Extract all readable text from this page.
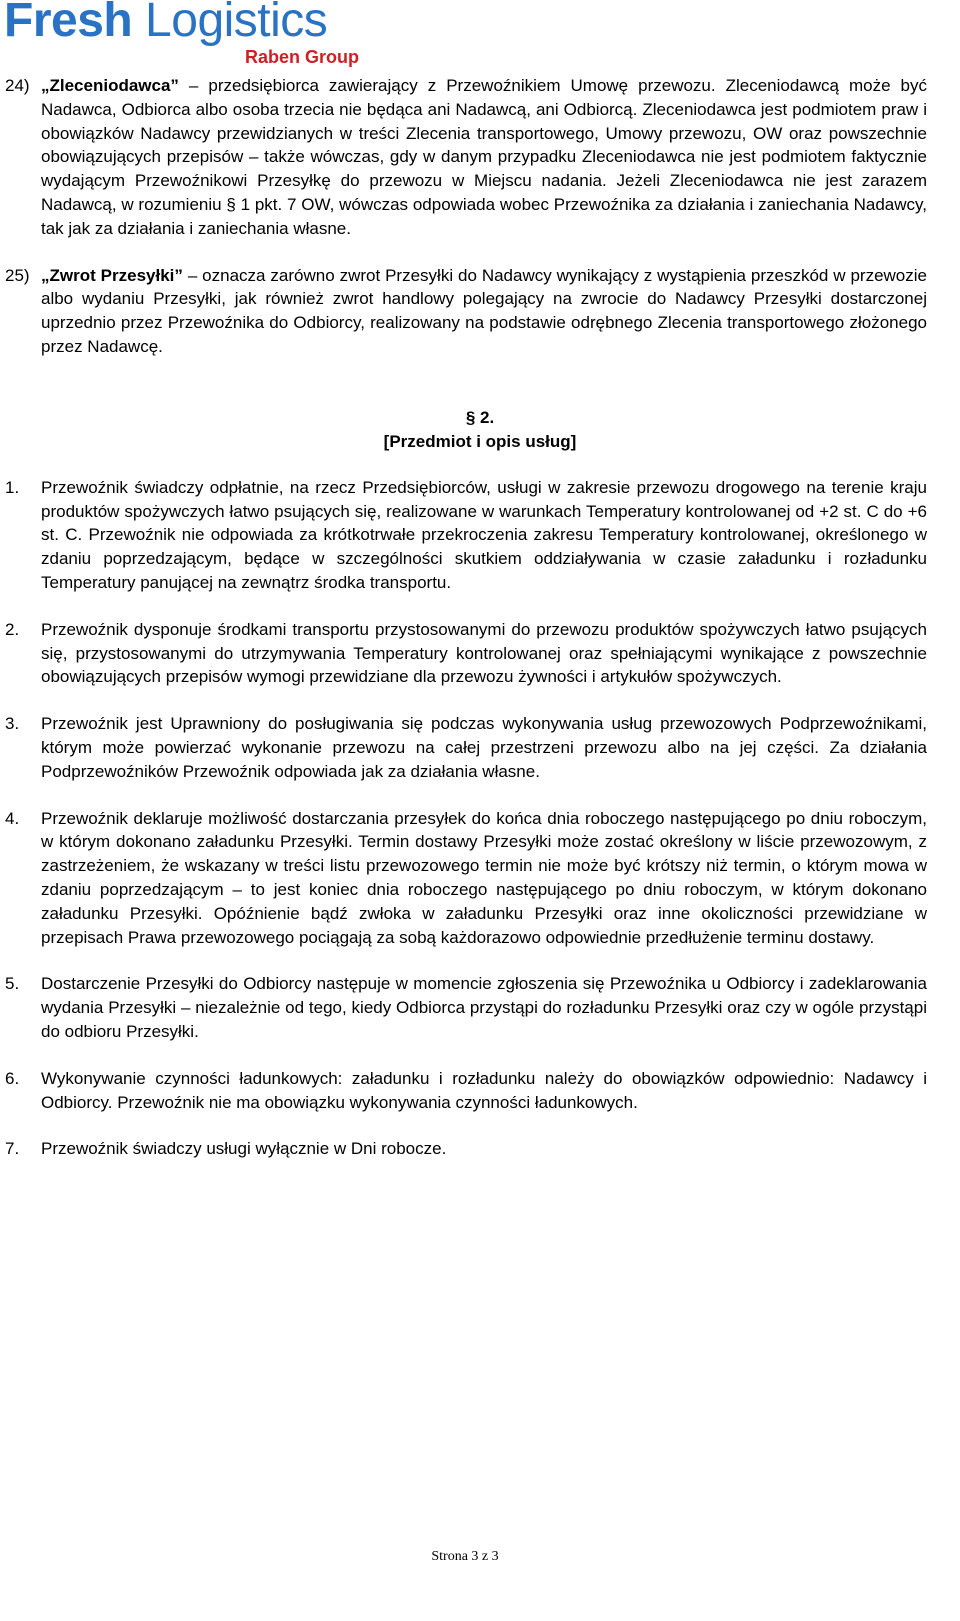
Fresh Logistics
Raben Group
24) „Zleceniodawca” – przedsiębiorca zawierający z Przewoźnikiem Umowę przewozu. Zleceniodawcą może być Nadawca, Odbiorca albo osoba trzecia nie będąca ani Nadawcą, ani Odbiorcą. Zleceniodawca jest podmiotem praw i obowiązków Nadawcy przewidzianych w treści Zlecenia transportowego, Umowy przewozu, OW oraz powszechnie obowiązujących przepisów – także wówczas, gdy w danym przypadku Zleceniodawca nie jest podmiotem faktycznie wydającym Przewoźnikowi Przesyłkę do przewozu w Miejscu nadania. Jeżeli Zleceniodawca nie jest zarazem Nadawcą, w rozumieniu § 1 pkt. 7 OW, wówczas odpowiada wobec Przewoźnika za działania i zaniechania Nadawcy, tak jak za działania i zaniechania własne.
25) „Zwrot Przesyłki” – oznacza zarówno zwrot Przesyłki do Nadawcy wynikający z wystąpienia przeszkód w przewozie albo wydaniu Przesyłki, jak również zwrot handlowy polegający na zwrocie do Nadawcy Przesyłki dostarczonej uprzednio przez Przewoźnika do Odbiorcy, realizowany na podstawie odrębnego Zlecenia transportowego złożonego przez Nadawcę.
§ 2.
[Przedmiot i opis usług]
1. Przewoźnik świadczy odpłatnie, na rzecz Przedsiębiorców, usługi w zakresie przewozu drogowego na terenie kraju produktów spożywczych łatwo psujących się, realizowane w warunkach Temperatury kontrolowanej od +2 st. C do +6 st. C. Przewoźnik nie odpowiada za krótkotrwałe przekroczenia zakresu Temperatury kontrolowanej, określonego w zdaniu poprzedzającym, będące w szczególności skutkiem oddziaływania w czasie załadunku i rozładunku Temperatury panującej na zewnątrz środka transportu.
2. Przewoźnik dysponuje środkami transportu przystosowanymi do przewozu produktów spożywczych łatwo psujących się, przystosowanymi do utrzymywania Temperatury kontrolowanej oraz spełniającymi wynikające z powszechnie obowiązujących przepisów wymogi przewidziane dla przewozu żywności i artykułów spożywczych.
3. Przewoźnik jest Uprawniony do posługiwania się podczas wykonywania usług przewozowych Podprzewoźnikami, którym może powierzać wykonanie przewozu na całej przestrzeni przewozu albo na jej części. Za działania Podprzewoźników Przewoźnik odpowiada jak za działania własne.
4. Przewoźnik deklaruje możliwość dostarczania przesyłek do końca dnia roboczego następującego po dniu roboczym, w którym dokonano załadunku Przesyłki. Termin dostawy Przesyłki może zostać określony w liście przewozowym, z zastrzeżeniem, że wskazany w treści listu przewozowego termin nie może być krótszy niż termin, o którym mowa w zdaniu poprzedzającym – to jest koniec dnia roboczego następującego po dniu roboczym, w którym dokonano załadunku Przesyłki. Opóźnienie bądź zwłoka w załadunku Przesyłki oraz inne okoliczności przewidziane w przepisach Prawa przewozowego pociągają za sobą każdorazowo odpowiednie przedłużenie terminu dostawy.
5. Dostarczenie Przesyłki do Odbiorcy następuje w momencie zgłoszenia się Przewoźnika u Odbiorcy i zadeklarowania wydania Przesyłki – niezależnie od tego, kiedy Odbiorca przystąpi do rozładunku Przesyłki oraz czy w ogóle przystąpi do odbioru Przesyłki.
6. Wykonywanie czynności ładunkowych: załadunku i rozładunku należy do obowiązków odpowiednio: Nadawcy i Odbiorcy. Przewoźnik nie ma obowiązku wykonywania czynności ładunkowych.
7. Przewoźnik świadczy usługi wyłącznie w Dni robocze.
Strona 3 z 3
